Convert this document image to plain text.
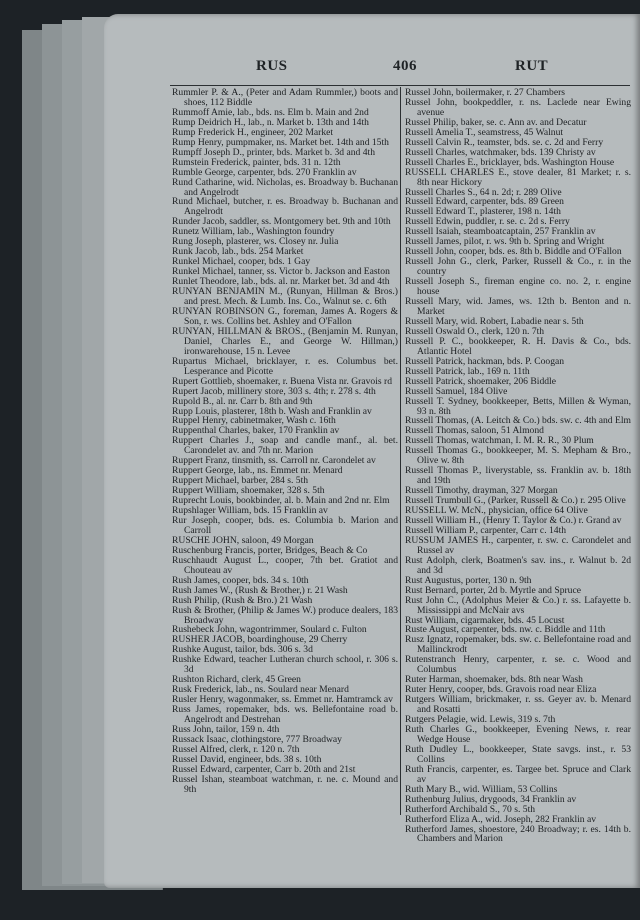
RUS	406	RUT

Rummler P. & A., (Peter and Adam Rummler,) boots and shoes, 112 Biddle

Rummoff Amie, lab., bds. ns. Elm b. Main and 2nd

Rump Deidrich H., lab., n. Market b. 13th and 14th

Rump Frederick H., engineer, 202 Market

Rump Henry, pumpmaker, ns. Market bet. 14th and 15th

Rumpff Joseph D., printer, bds. Market b. 3d and 4th

Rumstein Frederick, painter, bds. 31 n. 12th

Rumble George, carpenter, bds. 270 Franklin av

Rund Catharine, wid. Nicholas, es. Broadway b. Buchanan and Angelrodt

Rund Michael, butcher, r. es. Broadway b. Buchanan and Angelrodt

Runder Jacob, saddler, ss. Montgomery bet. 9th and 10th

Runetz William, lab., Washington foundry

Rung Joseph, plasterer, ws. Closey nr. Julia

Runk Jacob, lab., bds. 254 Market

Runkel Michael, cooper, bds. 1 Gay

Runkel Michael, tanner, ss. Victor b. Jackson and Easton

Runlet Theodore, lab., bds. al. nr. Market bet. 3d and 4th

RUNYAN BENJAMIN M., (Runyan, Hillman & Bros.) and prest. Mech. & Lumb. Ins. Co., Walnut se. c. 6th

RUNYAN ROBINSON G., foreman, James A. Rogers & Son, r. ws. Collins bet. Ashley and O'Fallon

RUNYAN, HILLMAN & BROS., (Benjamin M. Runyan, Daniel, Charles E., and George W. Hillman,) ironwarehouse, 15 n. Levee

Rupartus Michael, bricklayer, r. es. Columbus bet. Lesperance and Picotte

Rupert Gottlieb, shoemaker, r. Buena Vista nr. Gravois rd

Rupert Jacob, millinery store, 303 s. 4th; r. 278 s. 4th

Rupold B., al. nr. Carr b. 8th and 9th

Rupp Louis, plasterer, 18th b. Wash and Franklin av

Ruppel Henry, cabinetmaker, Wash c. 16th

Ruppenthal Charles, baker, 170 Franklin av

Ruppert Charles J., soap and candle manf., al. bet. Carondelet av. and 7th nr. Marion

Ruppert Franz, tinsmith, ss. Carroll nr. Carondelet av

Ruppert George, lab., ns. Emmet nr. Menard

Ruppert Michael, barber, 284 s. 5th

Ruppert William, shoemaker, 328 s. 5th

Ruprecht Louis, bookbinder, al. b. Main and 2nd nr. Elm

Rupshlager William, bds. 15 Franklin av

Rur Joseph, cooper, bds. es. Columbia b. Marion and Carroll

RUSCHE JOHN, saloon, 49 Morgan

Ruschenburg Francis, porter, Bridges, Beach & Co

Ruschhaudt August L., cooper, 7th bet. Gratiot and Chouteau av

Rush James, cooper, bds. 34 s. 10th

Rush James W., (Rush & Brother,) r. 21 Wash

Rush Philip, (Rush & Bro.) 21 Wash

Rush & Brother, (Philip & James W.) produce dealers, 183 Broadway

Rushebeck John, wagontrimmer, Soulard c. Fulton

RUSHER JACOB, boardinghouse, 29 Cherry

Rushke August, tailor, bds. 306 s. 3d

Rushke Edward, teacher Lutheran church school, r. 306 s. 3d

Rushton Richard, clerk, 45 Green

Rusk Frederick, lab., ns. Soulard near Menard

Rusler Henry, wagonmaker, ss. Emmet nr. Hamtramck av

Russ James, ropemaker, bds. ws. Bellefontaine road b. Angelrodt and Destrehan

Russ John, tailor, 159 n. 4th

Russack Isaac, clothingstore, 777 Broadway

Russel Alfred, clerk, r. 120 n. 7th

Russel David, engineer, bds. 38 s. 10th

Russel Edward, carpenter, Carr b. 20th and 21st

Russel Ishan, steamboat watchman, r. ne. c. Mound and 9th

Russel John, boilermaker, r. 27 Chambers

Russel John, bookpeddler, r. ns. Laclede near Ewing avenue

Russel Philip, baker, se. c. Ann av. and Decatur

Russell Amelia T., seamstress, 45 Walnut

Russell Calvin R., teamster, bds. se. c. 2d and Ferry

Russell Charles, watchmaker, bds. 139 Christy av

Russell Charles E., bricklayer, bds. Washington House

RUSSELL CHARLES E., stove dealer, 81 Market; r. s. 8th near Hickory

Russell Charles S., 64 n. 2d; r. 289 Olive

Russell Edward, carpenter, bds. 89 Green

Russell Edward T., plasterer, 198 n. 14th

Russell Edwin, puddler, r. se. c. 2d s. Ferry

Russell Isaiah, steamboatcaptain, 257 Franklin av

Russell James, pilot, r. ws. 9th b. Spring and Wright

Russell John, cooper, bds. es. 8th b. Biddle and O'Fallon

Russell John G., clerk, Parker, Russell & Co., r. in the country

Russell Joseph S., fireman engine co. no. 2, r. engine house

Russell Mary, wid. James, ws. 12th b. Benton and n. Market

Russell Mary, wid. Robert, Labadie near s. 5th

Russell Oswald O., clerk, 120 n. 7th

Russell P. C., bookkeeper, R. H. Davis & Co., bds. Atlantic Hotel

Russell Patrick, hackman, bds. P. Coogan

Russell Patrick, lab., 169 n. 11th

Russell Patrick, shoemaker, 206 Biddle

Russell Samuel, 184 Olive

Russell T. Sydney, bookkeeper, Betts, Millen & Wyman, 93 n. 8th

Russell Thomas, (A. Leitch & Co.) bds. sw. c. 4th and Elm

Russell Thomas, saloon, 51 Almond

Russell Thomas, watchman, I. M. R. R., 30 Plum

Russell Thomas G., bookkeeper, M. S. Mepham & Bro., Olive w. 8th

Russell Thomas P., liverystable, ss. Franklin av. b. 18th and 19th

Russell Timothy, drayman, 327 Morgan

Russell Trumbull G., (Parker, Russell & Co.) r. 295 Olive

RUSSELL W. McN., physician, office 64 Olive

Russell William H., (Henry T. Taylor & Co.) r. Grand av

Russell William P., carpenter, Carr c. 14th

RUSSUM JAMES H., carpenter, r. sw. c. Carondelet and Russel av

Rust Adolph, clerk, Boatmen's sav. ins., r. Walnut b. 2d and 3d

Rust Augustus, porter, 130 n. 9th

Rust Bernard, porter, 2d b. Myrtle and Spruce

Rust John C., (Adolphus Meier & Co.) r. ss. Lafayette b. Mississippi and McNair avs

Rust William, cigarmaker, bds. 45 Locust

Ruste August, carpenter, bds. nw. c. Biddle and 11th

Rusz Ignatz, ropemaker, bds. sw. c. Bellefontaine road and Mallinckrodt

Rutenstranch Henry, carpenter, r. se. c. Wood and Columbus

Ruter Harman, shoemaker, bds. 8th near Wash

Ruter Henry, cooper, bds. Gravois road near Eliza

Rutgers William, brickmaker, r. ss. Geyer av. b. Menard and Rosatti

Rutgers Pelagie, wid. Lewis, 319 s. 7th

Ruth Charles G., bookkeeper, Evening News, r. rear Wedge House

Ruth Dudley L., bookkeeper, State savgs. inst., r. 53 Collins

Ruth Francis, carpenter, es. Targee bet. Spruce and Clark av

Ruth Mary B., wid. William, 53 Collins

Ruthenburg Julius, drygoods, 34 Franklin av

Rutherford Archibald S., 70 s. 5th

Rutherford Eliza A., wid. Joseph, 282 Franklin av

Rutherford James, shoestore, 240 Broadway; r. es. 14th b. Chambers and Marion
